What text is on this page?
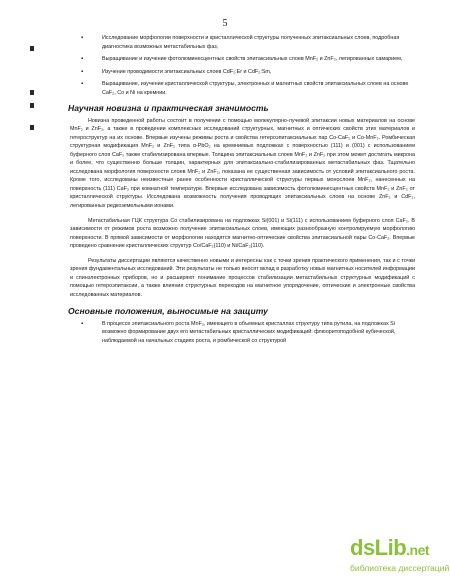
5
▪	Исследование морфологии поверхности и кристаллической структуры полученных эпитаксиальных слоев, подробная диагностика возможных метастабильных фаз,
▪	Выращивание и изучение фотолюминесцентных свойств эпитаксиальных слоев MnF₂ и ZnF₂, легированных самарием,
▪	Изучение проводимости эпитаксиальных слоев CdF₂:Er и CdF₂:Sm,
▪	Выращивание, изучение кристаллической структуры, электронных и магнитных свойств эпитаксиальных слоев на основе CaF₂, Co и Ni на кремнии.
Научная новизна и практическая значимость

Новизна проведенной работы состоит в получении с помощью молекулярно-лучевой эпитаксии новых материалов на основе MnF₂ и ZnF₂, а также в проведении комплексных исследований структурных, магнитных и оптических свойств этих материалов и гетероструктур на их основе. Впервые изучены режимы роста и свойства гетероэпитаксиальных пар Co-CaF₂ и Co-MnF₂. Ромбическая структурная модификация MnF₂ и ZnF₂ типа α-PbO₂ на кремниевых подложках с поверхностью (111) и (001) с использованием буферного слоя CaF₂ также стабилизирована впервые. Толщина эпитаксиальных слоев MnF₂ и ZnF₂ при этом может достигать микрона и более, что существенно больше толщин, характерных для эпитаксиально-стабилизированных метастабильных фаз. Тщательно исследована морфология поверхности слоев MnF₂ и ZnF₂, показана ее существенная зависимость от условий эпитаксиального роста. Кроме того, исследованы неизвестные ранее особенности кристаллической структуры первых монослоев MnF₂, нанесенных на поверхность (111) CaF₂ при комнатной температуре. Впервые исследована зависимость фотолюминесцентных свойств MnF₂ и ZnF₂ от кристаллической структуры. Исследована возможность получения проводящих эпитаксиальных слоев на основе ZnF₂ и CdF₂, легированных редкоземельными ионами.

Метастабильная ГЦК структура Co стабилизирована на подложках Si(001) и Si(111) с использованием буферного слоя CaF₂. В зависимости от режимов роста возможно получение эпитаксиальных слоев, имеющих разнообразную контролируемую морфологию поверхности. В прямой зависимости от морфологии находятся магнитно-оптические свойства эпитаксиальной пары Co-CaF₂. Впервые проведено сравнение кристаллических структур Co/CaF₂(110) и Ni/CaF₂(110).

Результаты диссертации являются качественно новыми и интересны как с точки зрения практического применения, так и с точки зрения фундаментальных исследований. Эти результаты не только вносят вклад в разработку новых магнитных носителей информации и спинэлектронных приборов, но и расширяют понимание процессов стабилизации метастабильных структурных модификаций с помощью гетероэпитаксии, а также влияния структурных переходов на магнитное упорядочение, оптические и электронные свойства исследованных материалов.

Основные положения, выносимые на защиту
▪	В процессе эпитаксиального роста MnF₂, имеющего в объемных кристаллах структуру типа рутила, на подложках Si возможно формирование двух его метастабильных кристаллических модификаций: флюоритоподобной кубической, наблюдаемой на начальных стадиях роста, и ромбической со структурой
dsLib.net
библиотека диссертаций
